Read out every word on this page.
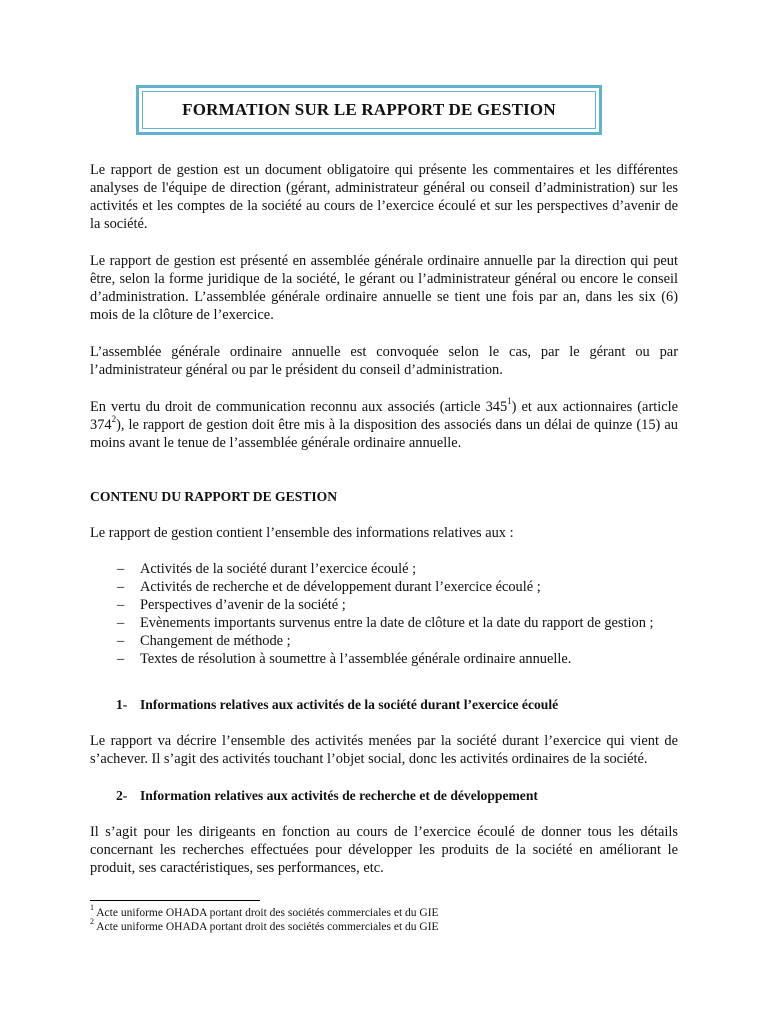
FORMATION SUR LE RAPPORT DE GESTION

Le rapport de gestion est un document obligatoire qui présente les commentaires et les différentes analyses de l'équipe de direction (gérant, administrateur général ou conseil d’administration) sur les activités et les comptes de la société au cours de l’exercice écoulé et sur les perspectives d’avenir de la société.

Le rapport de gestion est présenté en assemblée générale ordinaire annuelle par la direction qui peut être, selon la forme juridique de la société, le gérant ou l’administrateur général ou encore le conseil d’administration. L’assemblée générale ordinaire annuelle se tient une fois par an, dans les six (6) mois de la clôture de l’exercice.

L’assemblée générale ordinaire annuelle est convoquée selon le cas, par le gérant ou par l’administrateur général ou par le président du conseil d’administration.

En vertu du droit de communication reconnu aux associés (article $345^1$) et aux actionnaires (article $374^2$), le rapport de gestion doit être mis à la disposition des associés dans un délai de quinze (15) au moins avant le tenue de l’assemblée générale ordinaire annuelle.

CONTENU DU RAPPORT DE GESTION

Le rapport de gestion contient l’ensemble des informations relatives aux :

– Activités de la société durant l’exercice écoulé ;
– Activités de recherche et de développement durant l’exercice écoulé ;
– Perspectives d’avenir de la société ;
– Evènements importants survenus entre la date de clôture et la date du rapport de gestion ;
– Changement de méthode ;
– Textes de résolution à soumettre à l’assemblée générale ordinaire annuelle.

1- Informations relatives aux activités de la société durant l’exercice écoulé

Le rapport va décrire l’ensemble des activités menées par la société durant l’exercice qui vient de s’achever. Il s’agit des activités touchant l’objet social, donc les activités ordinaires de la société.

2- Information relatives aux activités de recherche et de développement

Il s’agit pour les dirigeants en fonction au cours de l’exercice écoulé de donner tous les détails concernant les recherches effectuées pour développer les produits de la société en améliorant le produit, ses caractéristiques, ses performances, etc.

$^1$ Acte uniforme OHADA portant droit des sociétés commerciales et du GIE
$^2$ Acte uniforme OHADA portant droit des sociétés commerciales et du GIE
